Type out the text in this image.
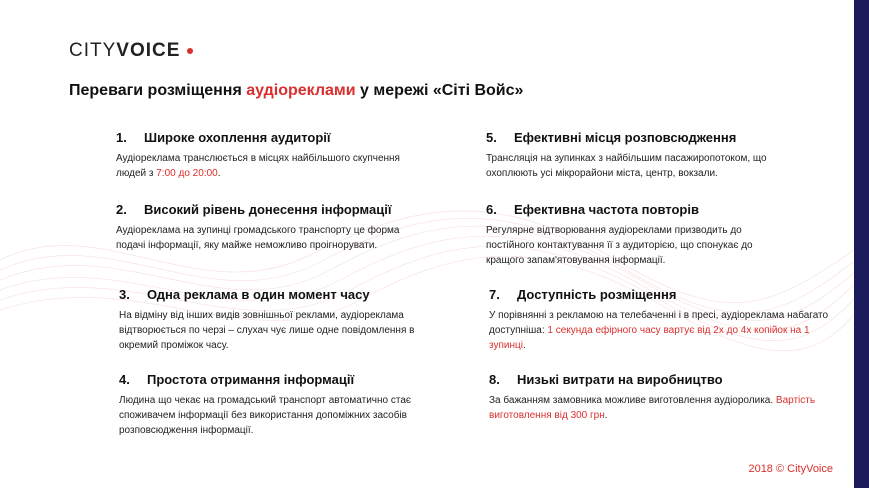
CITYVOICE
Переваги розміщення аудіореклами у мережі «Сіті Войс»
1. Широке охоплення аудиторії

Аудіореклама транслюється в місцях найбільшого скупчення людей з 7:00 до 20:00.

2. Високий рівень донесення інформації

Аудіореклама на зупинці громадського транспорту це форма подачі інформації, яку майже неможливо проігнорувати.

3. Одна реклама в один момент часу

На відміну від інших видів зовнішньої реклами, аудіореклама відтворюється по черзі – слухач чує лише одне повідомлення в окремий проміжок часу.

4. Простота отримання інформації

Людина що чекає на громадський транспорт автоматично стає споживачем інформації без використання допоміжних засобів розповсюдження інформації.

5. Ефективні місця розповсюдження

Трансляція на зупинках з найбільшим пасажиропотоком, що охоплюють усі мікрорайони міста, центр, вокзали.

6. Ефективна частота повторів

Регулярне відтворювання аудіореклами призводить до постійного контактування її з аудиторією, що спонукає до кращого запам'ятовування інформації.

7. Доступність розміщення

У порівнянні з рекламою на телебаченні і в пресі, аудіореклама набагато доступніша: 1 секунда ефірного часу вартує від 2х до 4х копійок на 1 зупинці.

8. Низькі витрати на виробництво

За бажанням замовника можливе виготовлення аудіоролика. Вартість виготовлення від 300 грн.

2018 © CityVoice
